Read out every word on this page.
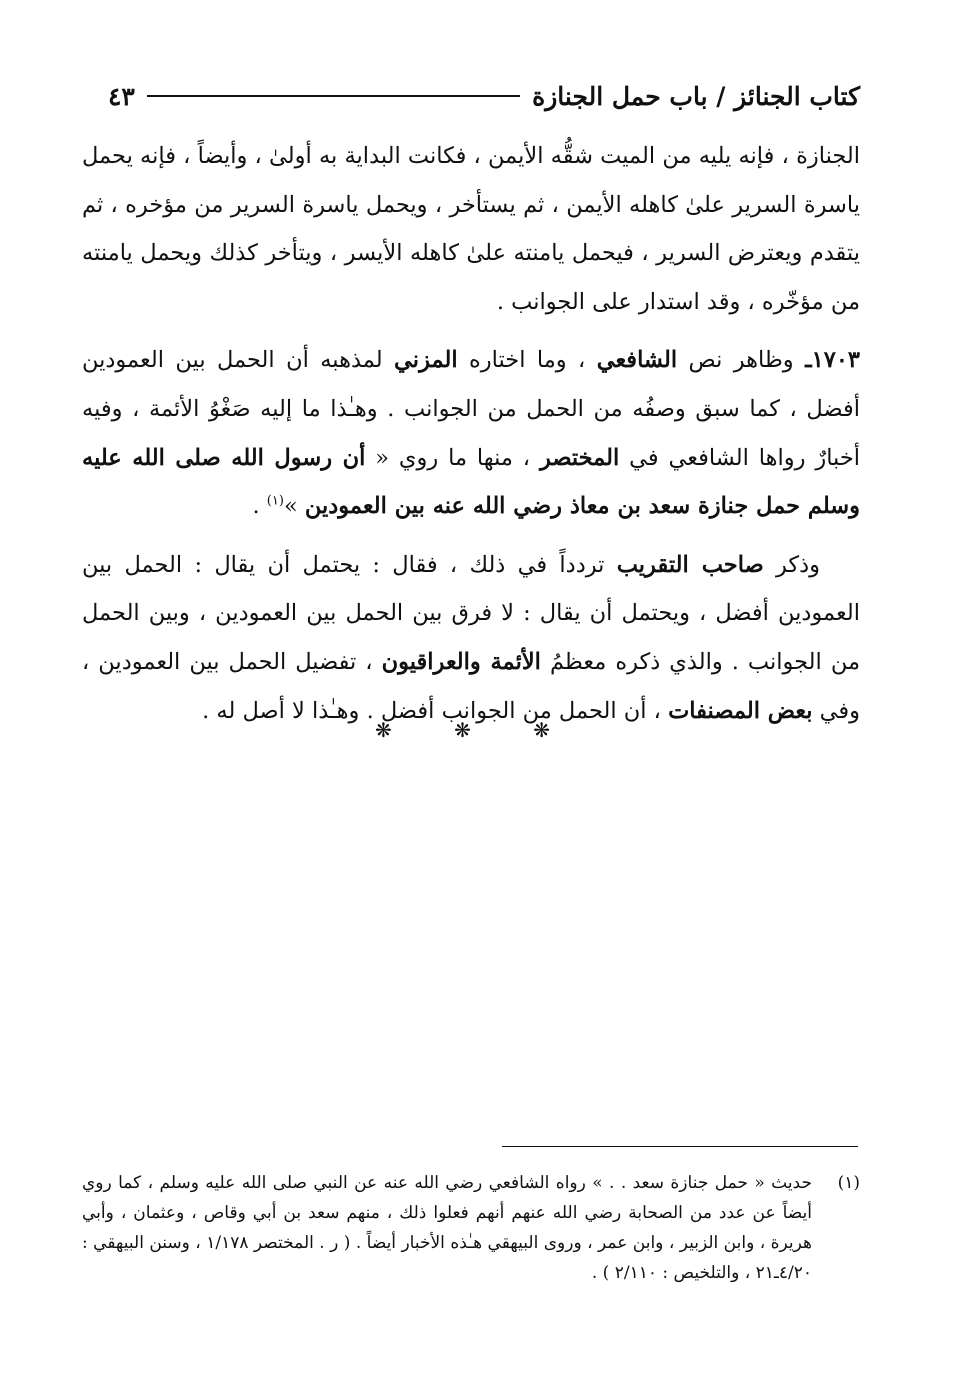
كتاب الجنائز / باب حمل الجنازة
٤٣

الجنازة ، فإنه يليه من الميت شقُّه الأيمن ، فكانت البداية به أولىٰ ، وأيضاً ، فإنه يحمل ياسرة السرير علىٰ كاهله الأيمن ، ثم يستأخر ، ويحمل ياسرة السرير من مؤخره ، ثم يتقدم ويعترض السرير ، فيحمل يامنته علىٰ كاهله الأيسر ، ويتأخر كذلك ويحمل يامنته من مؤخّره ، وقد استدار على الجوانب .

١٧٠٣ـ وظاهر نص الشافعي ، وما اختاره المزني لمذهبه أن الحمل بين العمودين أفضل ، كما سبق وصفُه من الحمل من الجوانب . وهـٰذا ما إليه صَغْوُ الأئمة ، وفيه أخبارٌ رواها الشافعي في المختصر ، منها ما روي « أن رسول الله صلى الله عليه وسلم حمل جنازة سعد بن معاذ رضي الله عنه بين العمودين »$^{(١)}$ .

وذكر صاحب التقريب تردداً في ذلك ، فقال : يحتمل أن يقال : الحمل بين العمودين أفضل ، ويحتمل أن يقال : لا فرق بين الحمل بين العمودين ، وبين الحمل من الجوانب . والذي ذكره معظمُ الأئمة والعراقيون ، تفضيل الحمل بين العمودين ، وفي بعض المصنفات ، أن الحمل من الجوانب أفضل . وهـٰذا لا أصل له .

❋ ❋ ❋
(١)
حديث « حمل جنازة سعد . . » رواه الشافعي رضي الله عنه عن النبي صلى الله عليه وسلم ، كما روي أيضاً عن عدد من الصحابة رضي الله عنهم أنهم فعلوا ذلك ، منهم سعد بن أبي وقاص ، وعثمان ، وأبي هريرة ، وابن الزبير ، وابن عمر ، وروى البيهقي هـٰذه الأخبار أيضاً . ( ر . المختصر ١/١٧٨ ، وسنن البيهقي : ٤/٢٠ـ٢١ ، والتلخيص : ٢/١١٠ ) .
